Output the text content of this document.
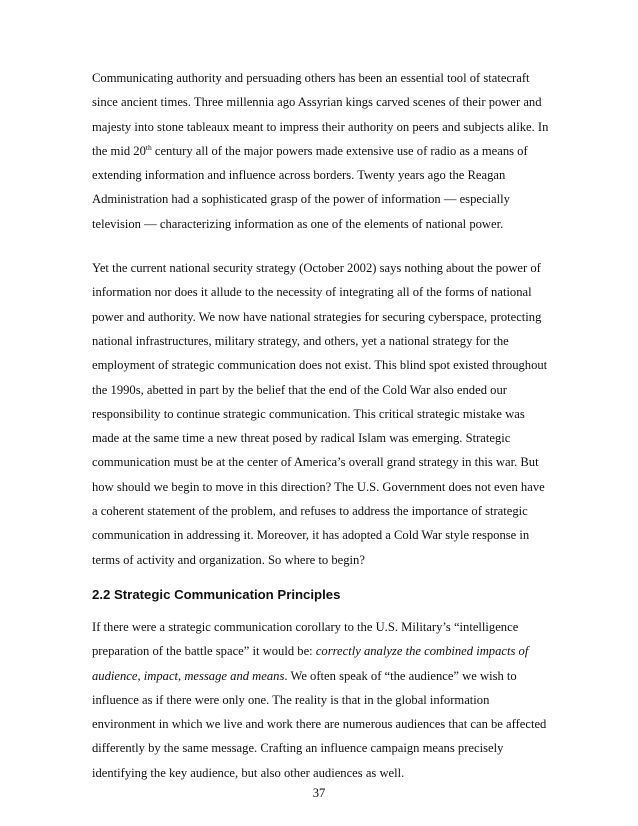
Communicating authority and persuading others has been an essential tool of statecraft since ancient times. Three millennia ago Assyrian kings carved scenes of their power and majesty into stone tableaux meant to impress their authority on peers and subjects alike. In the mid 20th century all of the major powers made extensive use of radio as a means of extending information and influence across borders. Twenty years ago the Reagan Administration had a sophisticated grasp of the power of information — especially television — characterizing information as one of the elements of national power.

Yet the current national security strategy (October 2002) says nothing about the power of information nor does it allude to the necessity of integrating all of the forms of national power and authority. We now have national strategies for securing cyberspace, protecting national infrastructures, military strategy, and others, yet a national strategy for the employment of strategic communication does not exist. This blind spot existed throughout the 1990s, abetted in part by the belief that the end of the Cold War also ended our responsibility to continue strategic communication. This critical strategic mistake was made at the same time a new threat posed by radical Islam was emerging. Strategic communication must be at the center of America’s overall grand strategy in this war. But how should we begin to move in this direction? The U.S. Government does not even have a coherent statement of the problem, and refuses to address the importance of strategic communication in addressing it. Moreover, it has adopted a Cold War style response in terms of activity and organization. So where to begin?

2.2 Strategic Communication Principles

If there were a strategic communication corollary to the U.S. Military’s “intelligence preparation of the battle space” it would be: correctly analyze the combined impacts of audience, impact, message and means. We often speak of “the audience” we wish to influence as if there were only one. The reality is that in the global information environment in which we live and work there are numerous audiences that can be affected differently by the same message. Crafting an influence campaign means precisely identifying the key audience, but also other audiences as well.

37
